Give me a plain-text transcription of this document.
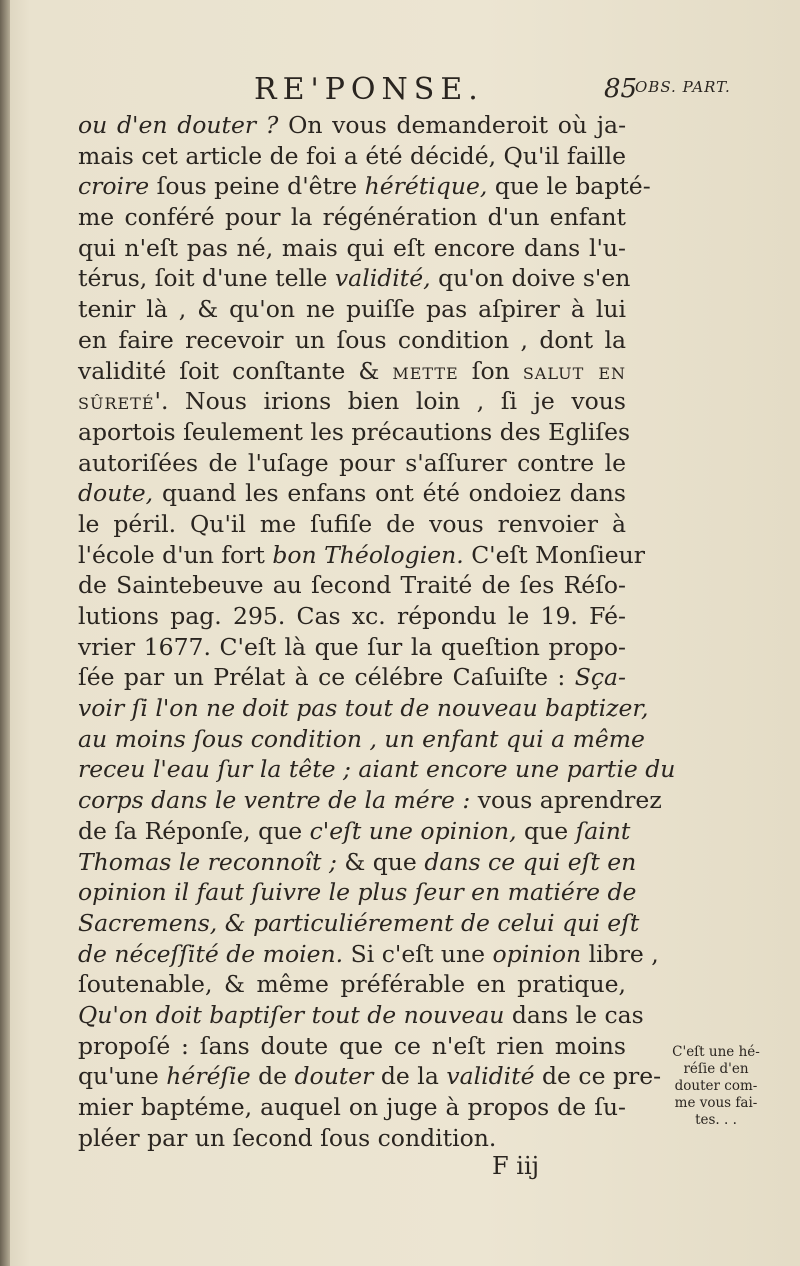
RE'PONSE.	85
OBS. PART.
ou d'en douter ? On vous demanderoit où ja-
mais cet article de foi a été décidé, Qu'il faille
croire ſous peine d'être hérétique, que le bapté-
me conféré pour la régénération d'un enfant
qui n'eſt pas né, mais qui eſt encore dans l'u-
térus, ſoit d'une telle validité, qu'on doive s'en
tenir là , & qu'on ne puiſſe pas aſpirer à lui
en faire recevoir un ſous condition , dont la
validité ſoit conſtante & mette ſon salut en
sûreté'. Nous irions bien loin , ſi je vous
aportois ſeulement les précautions des Egliſes
autoriſées de l'uſage pour s'aſſurer contre le
doute, quand les enfans ont été ondoiez dans
le péril. Qu'il me ſufiſe de vous renvoier à
l'école d'un fort bon Théologien. C'eſt Monſieur
de Saintebeuve au ſecond Traité de ſes Réſo-
lutions pag. 295. Cas xc. répondu le 19. Fé-
vrier 1677. C'eſt là que ſur la queſtion propo-
ſée par un Prélat à ce célébre Caſuiſte : Sça-
voir ſi l'on ne doit pas tout de nouveau baptizer,
au moins ſous condition , un enfant qui a même
receu l'eau ſur la tête ; aiant encore une partie du
corps dans le ventre de la mére : vous aprendrez
de ſa Réponſe, que c'eſt une opinion, que ſaint
Thomas le reconnoît ; & que dans ce qui eſt en
opinion il faut ſuivre le plus ſeur en matiére de
Sacremens, & particuliérement de celui qui eſt
de néceſſité de moien. Si c'eſt une opinion libre ,
ſoutenable, & même préférable en pratique,
Qu'on doit baptiſer tout de nouveau dans le cas
propoſé : ſans doute que ce n'eſt rien moins
qu'une héréſie de douter de la validité de ce pre-
mier baptéme, auquel on juge à propos de ſu-
pléer par un ſecond ſous condition.
F iij
C'eſt une hé-
réſie d'en
douter com-
me vous fai-
tes. . .
